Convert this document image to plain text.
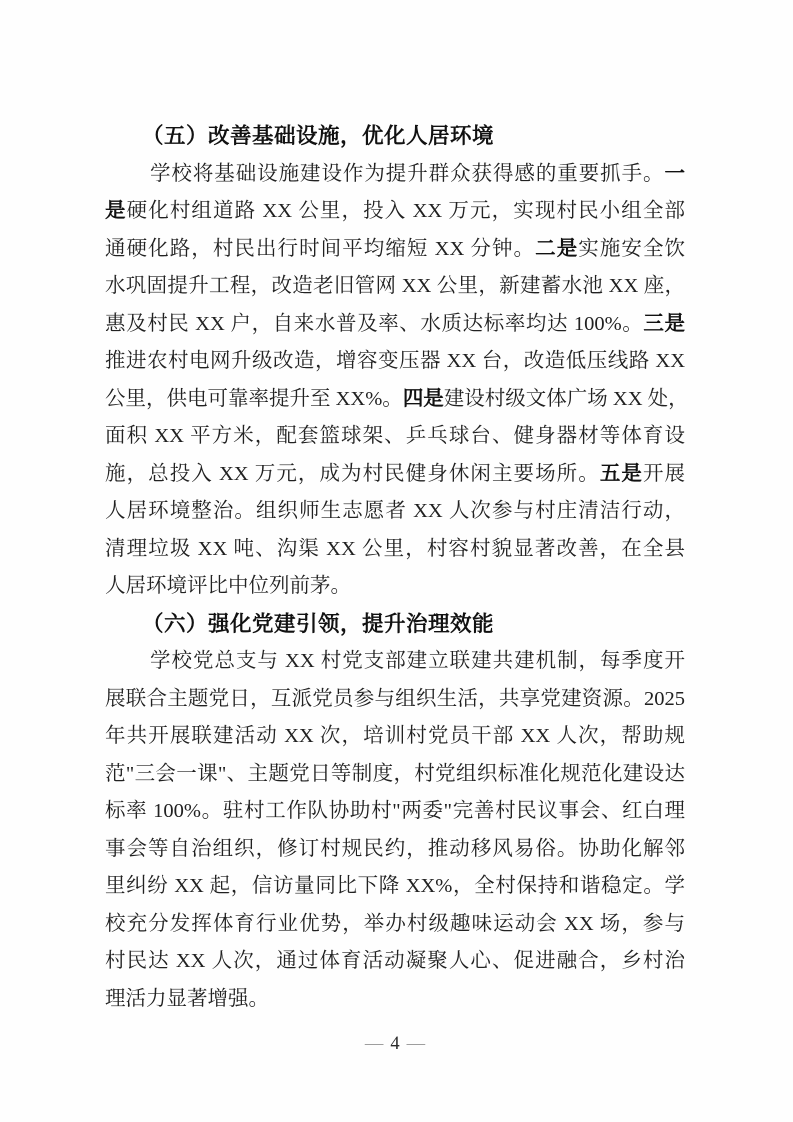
（五）改善基础设施，优化人居环境
学校将基础设施建设作为提升群众获得感的重要抓手。一
是硬化村组道路 XX 公里，投入 XX 万元，实现村民小组全部
通硬化路，村民出行时间平均缩短 XX 分钟。二是实施安全饮
水巩固提升工程，改造老旧管网 XX 公里，新建蓄水池 XX 座，
惠及村民 XX 户，自来水普及率、水质达标率均达 100%。三是
推进农村电网升级改造，增容变压器 XX 台，改造低压线路 XX
公里，供电可靠率提升至 XX%。四是建设村级文体广场 XX 处，
面积 XX 平方米，配套篮球架、乒乓球台、健身器材等体育设
施，总投入 XX 万元，成为村民健身休闲主要场所。五是开展
人居环境整治。组织师生志愿者 XX 人次参与村庄清洁行动，
清理垃圾 XX 吨、沟渠 XX 公里，村容村貌显著改善，在全县
人居环境评比中位列前茅。
（六）强化党建引领，提升治理效能
学校党总支与 XX 村党支部建立联建共建机制，每季度开
展联合主题党日，互派党员参与组织生活，共享党建资源。2025
年共开展联建活动 XX 次，培训村党员干部 XX 人次，帮助规
范"三会一课"、主题党日等制度，村党组织标准化规范化建设达
标率 100%。驻村工作队协助村"两委"完善村民议事会、红白理
事会等自治组织，修订村规民约，推动移风易俗。协助化解邻
里纠纷 XX 起，信访量同比下降 XX%，全村保持和谐稳定。学
校充分发挥体育行业优势，举办村级趣味运动会 XX 场，参与
村民达 XX 人次，通过体育活动凝聚人心、促进融合，乡村治
理活力显著增强。
— 4 —
